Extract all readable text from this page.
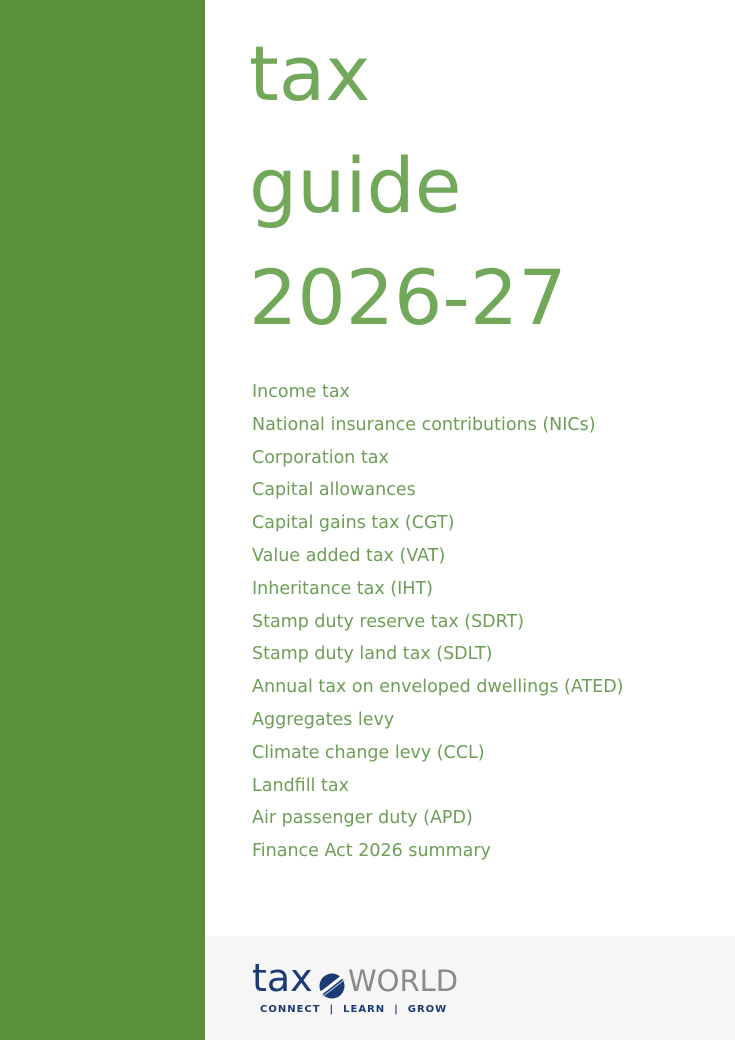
tax
guide
2026-27
Income tax
National insurance contributions (NICs)
Corporation tax
Capital allowances
Capital gains tax (CGT)
Value added tax (VAT)
Inheritance tax (IHT)
Stamp duty reserve tax (SDRT)
Stamp duty land tax (SDLT)
Annual tax on enveloped dwellings (ATED)
Aggregates levy
Climate change levy (CCL)
Landfill tax
Air passenger duty (APD)
Finance Act 2026 summary
tax WORLD
CONNECT  |  LEARN  |  GROW
